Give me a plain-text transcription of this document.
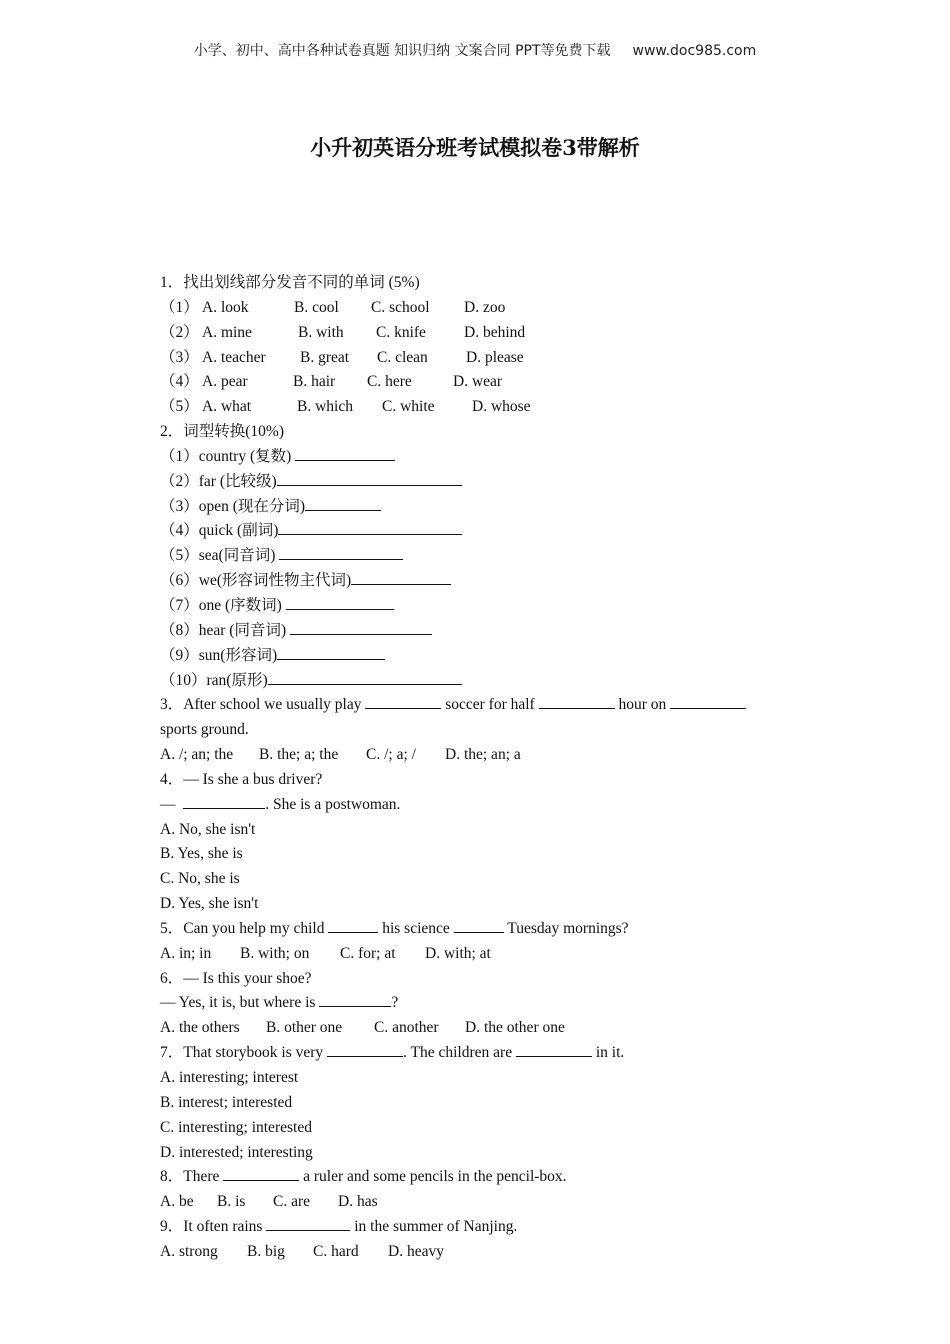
小学、初中、高中各种试卷真题 知识归纳 文案合同 PPT等免费下载 www.doc985.com
小升初英语分班考试模拟卷3带解析
1．找出划线部分发音不同的单词 (5%)
（1） A. look	B. cool C. school D. zoo
（2） A. mine	B. with C. knife D. behind
（3） A. teacher B. great C. clean D. please
（4） A. pear	B. hair C. here	D. wear
（5） A. what	B. which C. white D. whose
2．词型转换(10%)
（1）country (复数)
（2）far (比较级)
（3）open (现在分词)
（4）quick (副词)
（5）sea(同音词)
（6）we(形容词性物主代词)
（7）one (序数词)
（8）hear (同音词)
（9）sun(形容词)
（10）ran(原形)
3．After school we usually play	soccer for half	hour on
sports ground.
A. /; an; the B. the; a; the C. /; a; / D. the; an; a
4．— Is she a bus driver?
—	. She is a postwoman.
A. No, she isn't
B. Yes, she is
C. No, she is
D. Yes, she isn't
5．Can you help my child	his science	Tuesday mornings?
A. in; in B. with; on C. for; at D. with; at
6．— Is this your shoe?
— Yes, it is, but where is	?
A. the others B. other one C. another D. the other one
7．That storybook is very	. The children are	in it.
A. interesting; interest
B. interest; interested
C. interesting; interested
D. interested; interesting
8．There	a ruler and some pencils in the pencil-box.
A. be B. is C. are D. has
9．It often rains	in the summer of Nanjing.
A. strong B. big C. hard D. heavy
